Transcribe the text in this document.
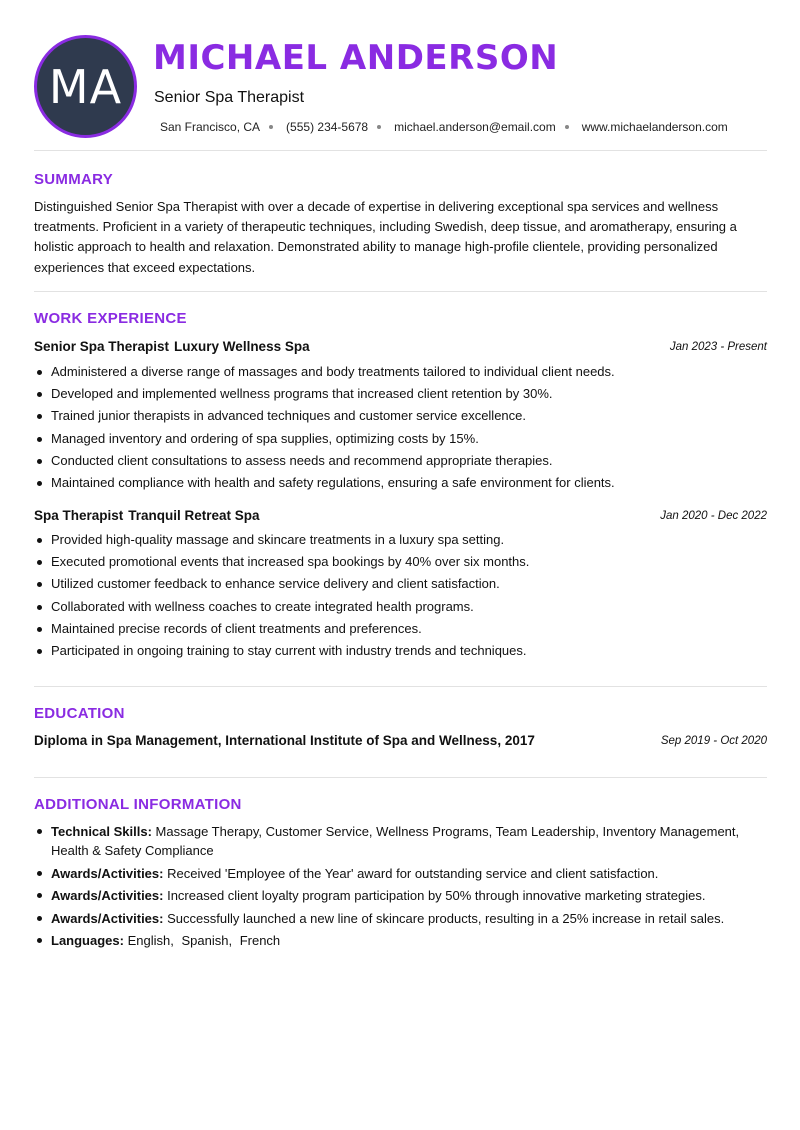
MA
MICHAEL ANDERSON
Senior Spa Therapist
San Francisco, CA (555) 234-5678 michael.anderson@email.com www.michaelanderson.com
SUMMARY

Distinguished Senior Spa Therapist with over a decade of expertise in delivering exceptional spa services and wellness treatments. Proficient in a variety of therapeutic techniques, including Swedish, deep tissue, and aromatherapy, ensuring a holistic approach to health and relaxation. Demonstrated ability to manage high-profile clientele, providing personalized experiences that exceed expectations.

WORK EXPERIENCE
Senior Spa Therapist Luxury Wellness Spa	Jan 2023 - Present
Administered a diverse range of massages and body treatments tailored to individual client needs.
Developed and implemented wellness programs that increased client retention by 30%.
Trained junior therapists in advanced techniques and customer service excellence.
Managed inventory and ordering of spa supplies, optimizing costs by 15%.
Conducted client consultations to assess needs and recommend appropriate therapies.
Maintained compliance with health and safety regulations, ensuring a safe environment for clients.
Spa Therapist Tranquil Retreat Spa	Jan 2020 - Dec 2022
Provided high-quality massage and skincare treatments in a luxury spa setting.
Executed promotional events that increased spa bookings by 40% over six months.
Utilized customer feedback to enhance service delivery and client satisfaction.
Collaborated with wellness coaches to create integrated health programs.
Maintained precise records of client treatments and preferences.
Participated in ongoing training to stay current with industry trends and techniques.
EDUCATION
Diploma in Spa Management, International Institute of Spa and Wellness, 2017	Sep 2019 - Oct 2020
ADDITIONAL INFORMATION
Technical Skills: Massage Therapy, Customer Service, Wellness Programs, Team Leadership, Inventory Management, Health & Safety Compliance
Awards/Activities: Received 'Employee of the Year' award for outstanding service and client satisfaction.
Awards/Activities: Increased client loyalty program participation by 50% through innovative marketing strategies.
Awards/Activities: Successfully launched a new line of skincare products, resulting in a 25% increase in retail sales.
Languages: English, Spanish, French
